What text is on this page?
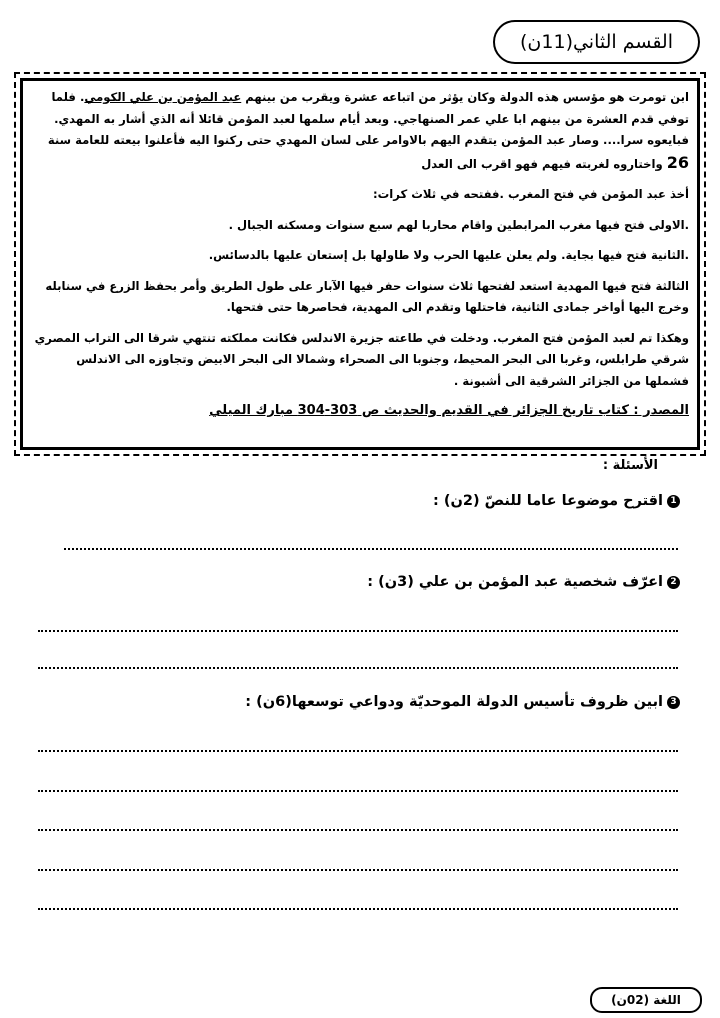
القسم الثاني(11ن)

ابن تومرت هو مؤسس هذه الدولة وكان يؤثر من اتباعه عشرة ويقرب من بينهم عبد المؤمن بن علي الكومي. فلما توفي قدم العشرة من بينهم ابا علي عمر الصنهاجي. وبعد أيام سلمها لعبد المؤمن قائلا أنه الذي أشار به المهدي. فبايعوه سرا.... وصار عبد المؤمن يتقدم اليهم بالاوامر على لسان المهدي حتى ركنوا اليه فأعلنوا بيعته للعامة سنة 26 واختاروه لغربته فيهم فهو اقرب الى العدل

أخذ عبد المؤمن في فتح المغرب .ففتحه في ثلاث كرات:

.الاولى فتح فيها مغرب المرابطين واقام محاربا لهم سبع سنوات ومسكنه الجبال .

.الثانية فتح فيها بجاية. ولم يعلن عليها الحرب ولا طاولها بل إستعان عليها بالدسائس.

الثالثة فتح فيها المهدية استعد لفتحها ثلاث سنوات حفر فيها الآبار على طول الطريق وأمر بحفظ الزرع في سنابله وخرج اليها أواخر جمادى الثانية، فاحتلها وتقدم الى المهدية، فحاصرها حتى فتحها.

وهكذا تم لعبد المؤمن فتح المغرب. ودخلت في طاعته جزيرة الاندلس فكانت مملكته تنتهي شرقا الى التراب المصري شرقي طرابلس، وغربا الى البحر المحيط، وجنوبا الى الصحراء وشمالا الى البحر الابيض وتجاوزه الى الاندلس فشملها من الجزائر الشرقية الى أشبونة .

المصدر : كتاب تاريخ الجزائر في القديم والحديث ص 303-304 مبارك الميلي

الأسئلة :
1اقترح موضوعا عاما للنصّ (2ن) :
2اعرّف شخصية عبد المؤمن بن علي (3ن) :
3ابين ظروف تأسيس الدولة الموحديّة ودواعي توسعها(6ن) :
اللغة (02ن)
